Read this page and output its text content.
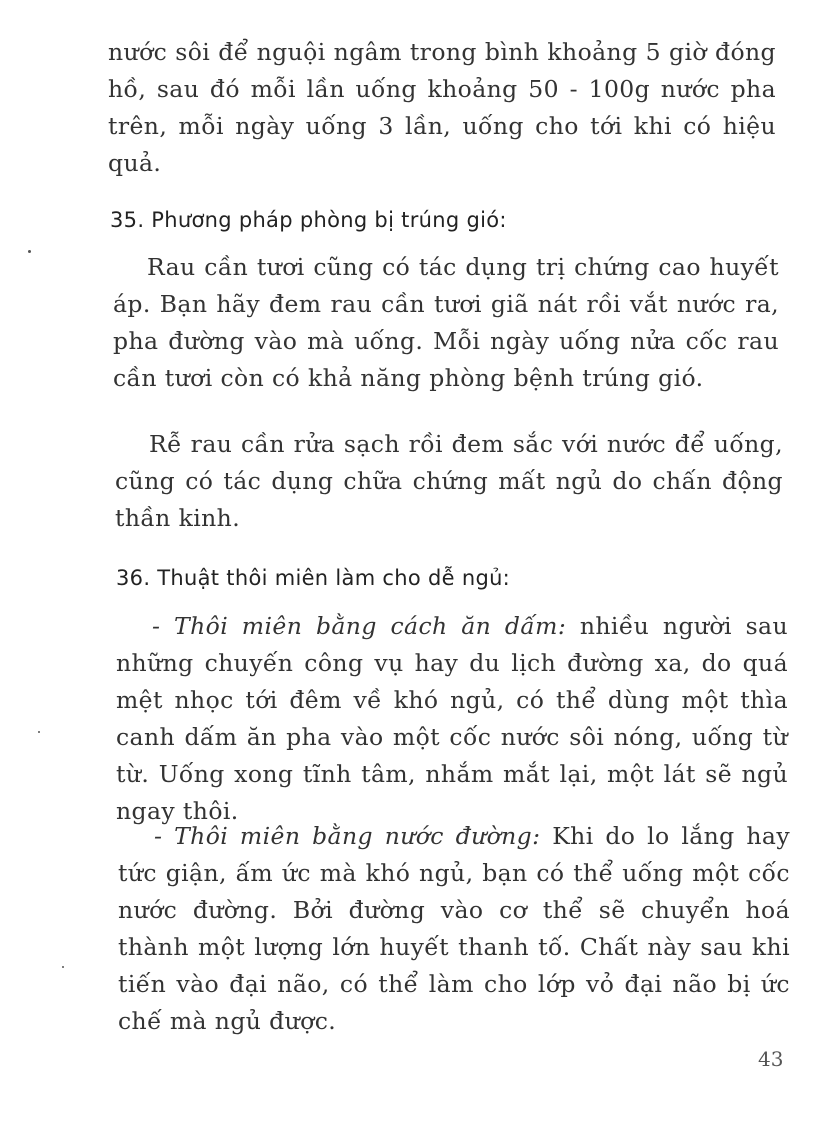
nước sôi để nguội ngâm trong bình khoảng 5 giờ đóng hồ, sau đó mỗi lần uống khoảng 50 - 100g nước pha trên, mỗi ngày uống 3 lần, uống cho tới khi có hiệu quả.

35. Phương pháp phòng bị trúng gió:

Rau cần tươi cũng có tác dụng trị chứng cao huyết áp. Bạn hãy đem rau cần tươi giã nát rồi vắt nước ra, pha đường vào mà uống. Mỗi ngày uống nửa cốc rau cần tươi còn có khả năng phòng bệnh trúng gió.

Rễ rau cần rửa sạch rồi đem sắc với nước để uống, cũng có tác dụng chữa chứng mất ngủ do chấn động thần kinh.

36. Thuật thôi miên làm cho dễ ngủ:

- Thôi miên bằng cách ăn dấm: nhiều người sau những chuyến công vụ hay du lịch đường xa, do quá mệt nhọc tới đêm về khó ngủ, có thể dùng một thìa canh dấm ăn pha vào một cốc nước sôi nóng, uống từ từ. Uống xong tĩnh tâm, nhắm mắt lại, một lát sẽ ngủ ngay thôi.

- Thôi miên bằng nước đường: Khi do lo lắng hay tức giận, ấm ức mà khó ngủ, bạn có thể uống một cốc nước đường. Bởi đường vào cơ thể sẽ chuyển hoá thành một lượng lớn huyết thanh tố. Chất này sau khi tiến vào đại não, có thể làm cho lớp vỏ đại não bị ức chế mà ngủ được.

43
